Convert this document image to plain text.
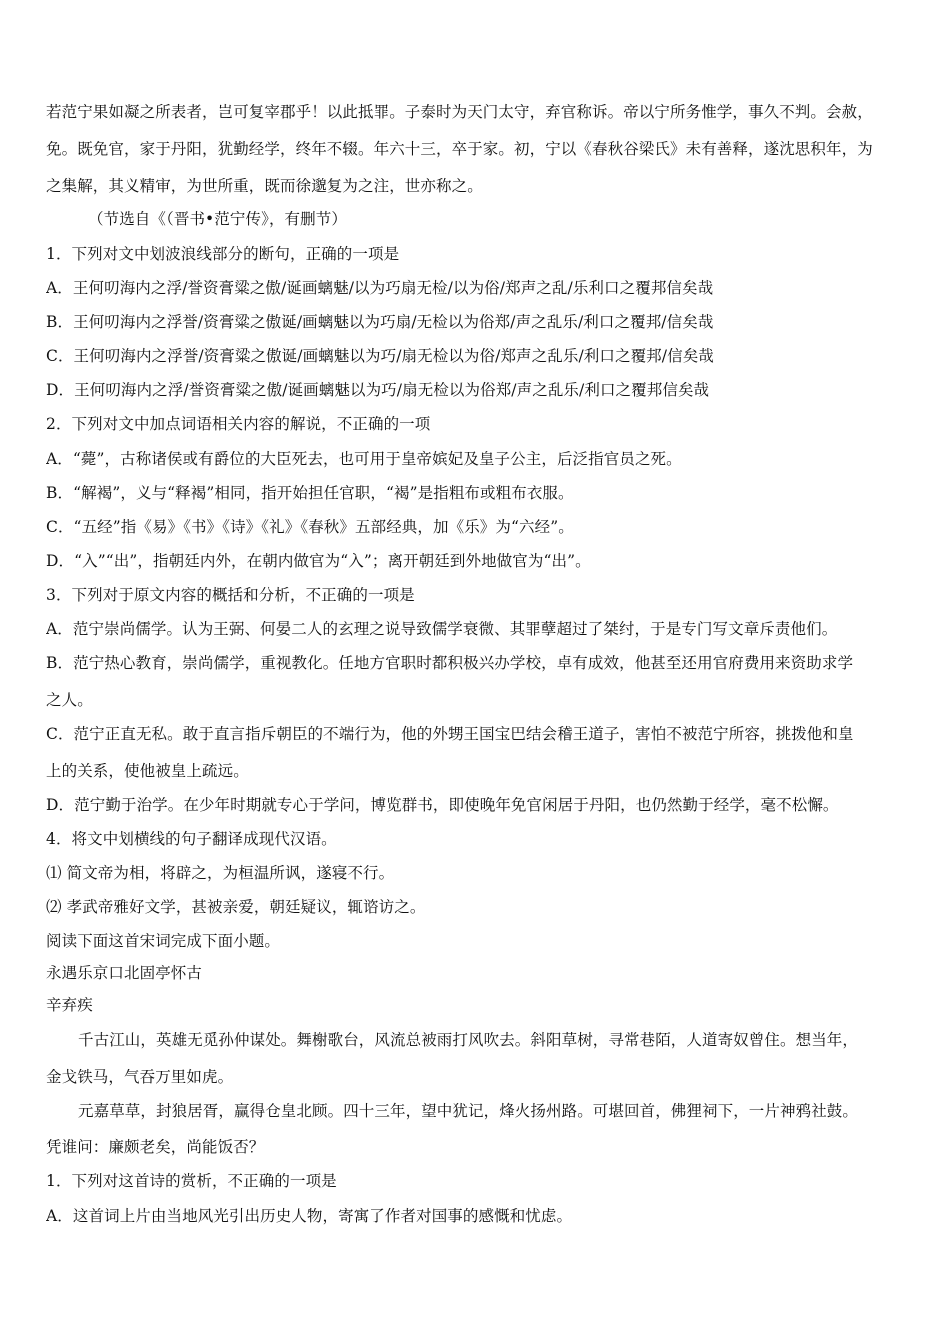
若范宁果如凝之所表者，岂可复宰郡乎！以此抵罪。子泰时为天门太守，弃官称诉。帝以宁所务惟学，事久不判。会赦，
免。既免官，家于丹阳，犹勤经学，终年不辍。年六十三，卒于家。初，宁以《春秋谷梁氏》未有善释，遂沈思积年，为
之集解，其义精审，为世所重，既而徐邈复为之注，世亦称之。
（节选自《（晋书•范宁传》，有删节）
1．下列对文中划波浪线部分的断句，正确的一项是
A．王何叨海内之浮/誉资膏粱之傲/诞画螭魅/以为巧扇无检/以为俗/郑声之乱/乐利口之覆邦信矣哉
B．王何叨海内之浮誉/资膏粱之傲诞/画螭魅以为巧扇/无检以为俗郑/声之乱乐/利口之覆邦/信矣哉
C．王何叨海内之浮誉/资膏粱之傲诞/画螭魅以为巧/扇无检以为俗/郑声之乱乐/利口之覆邦/信矣哉
D．王何叨海内之浮/誉资膏粱之傲/诞画螭魅以为巧/扇无检以为俗郑/声之乱乐/利口之覆邦信矣哉
2．下列对文中加点词语相关内容的解说，不正确的一项
A．“薨”，古称诸侯或有爵位的大臣死去，也可用于皇帝嫔妃及皇子公主，后泛指官员之死。
B．“解褐”，义与“释褐”相同，指开始担任官职，“褐”是指粗布或粗布衣服。
C．“五经”指《易》《书》《诗》《礼》《春秋》五部经典，加《乐》为“六经”。
D．“入”“出”，指朝廷内外，在朝内做官为“入”；离开朝廷到外地做官为“出”。
3．下列对于原文内容的概括和分析，不正确的一项是
A．范宁崇尚儒学。认为王弼、何晏二人的玄理之说导致儒学衰微、其罪孽超过了桀纣，于是专门写文章斥责他们。
B．范宁热心教育，崇尚儒学，重视教化。任地方官职时都积极兴办学校，卓有成效，他甚至还用官府费用来资助求学
之人。
C．范宁正直无私。敢于直言指斥朝臣的不端行为，他的外甥王国宝巴结会稽王道子，害怕不被范宁所容，挑拨他和皇
上的关系，使他被皇上疏远。
D．范宁勤于治学。在少年时期就专心于学问，博览群书，即使晚年免官闲居于丹阳，也仍然勤于经学，毫不松懈。
4．将文中划横线的句子翻译成现代汉语。
⑴ 简文帝为相，将辟之，为桓温所讽，遂寝不行。
⑵ 孝武帝雅好文学，甚被亲爱，朝廷疑议，辄谘访之。
阅读下面这首宋词完成下面小题。
永遇乐京口北固亭怀古
辛弃疾
千古江山，英雄无觅孙仲谋处。舞榭歌台，风流总被雨打风吹去。斜阳草树，寻常巷陌，人道寄奴曾住。想当年，
金戈铁马，气吞万里如虎。
元嘉草草，封狼居胥，赢得仓皇北顾。四十三年，望中犹记，烽火扬州路。可堪回首，佛狸祠下，一片神鸦社鼓。
凭谁问：廉颇老矣，尚能饭否？
1．下列对这首诗的赏析，不正确的一项是
A．这首词上片由当地风光引出历史人物，寄寓了作者对国事的感慨和忧虑。
